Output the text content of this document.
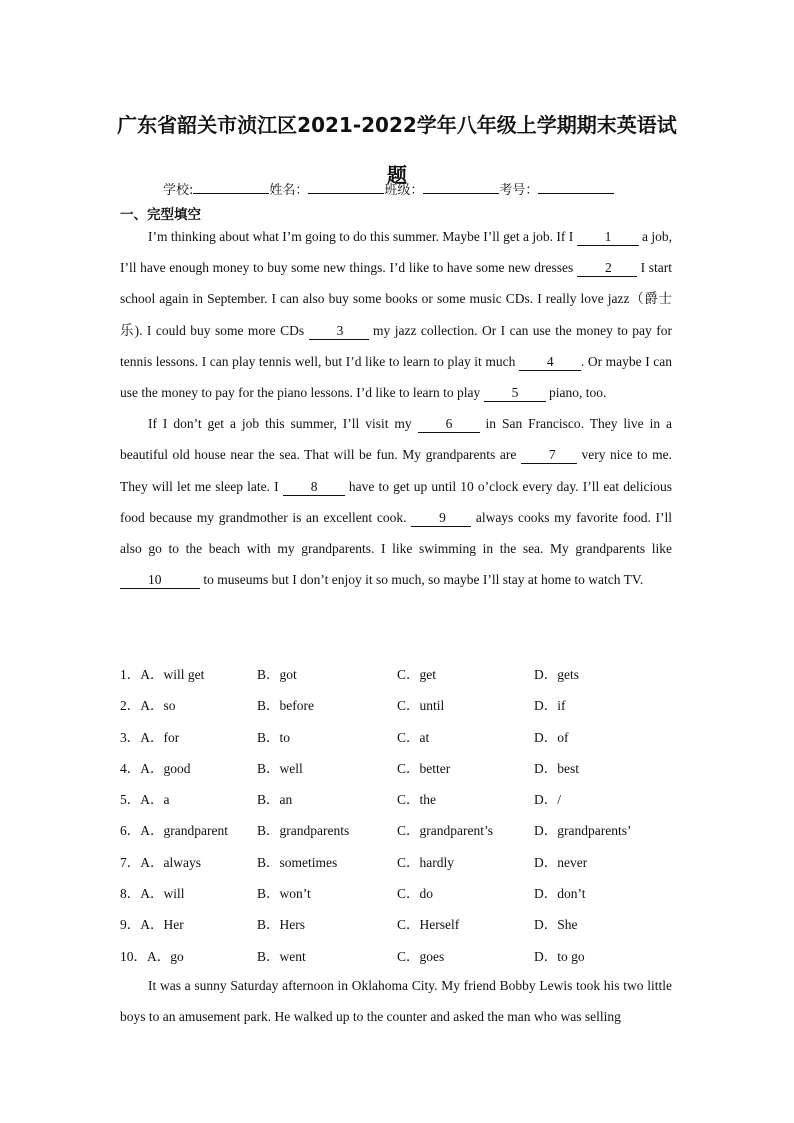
广东省韶关市浈江区2021-2022学年八年级上学期期末英语试
题
学校:	姓名：	班级：	考号：
一、完型填空

I’m thinking about what I’m going to do this summer. Maybe I’ll get a job. If I 1 a job, I’ll have enough money to buy some new things. I’d like to have some new dresses 2 I start school again in September. I can also buy some books or some music CDs. I really love jazz（爵士乐). I could buy some more CDs 3 my jazz collection. Or I can use the money to pay for tennis lessons. I can play tennis well, but I’d like to learn to play it much 4 . Or maybe I can use the money to pay for the piano lessons. I’d like to learn to play 5 piano, too.

If I don’t get a job this summer, I’ll visit my 6 in San Francisco. They live in a beautiful old house near the sea. That will be fun. My grandparents are 7 very nice to me. They will let me sleep late. I 8 have to get up until 10 o’clock every day. I’ll eat delicious food because my grandmother is an excellent cook. 9 always cooks my favorite food. I’ll also go to the beach with my grandparents. I like swimming in the sea. My grandparents like 10	to museums but I don’t enjoy it so much, so maybe I’ll stay at home to watch TV.

1．A．will get	B．got	C．get	D．gets
2．A．so	B．before	C．until	D．if
3．A．for	B．to	C．at	D．of
4．A．good	B．well	C．better	D．best
5．A．a	B．an	C．the	D．/
6．A．grandparent B．grandparents	C．grandparent’s	D．grandparents’
7．A．always	B．sometimes	C．hardly	D．never
8．A．will	B．won’t	C．do	D．don’t
9．A．Her	B．Hers	C．Herself	D．She
10．A．go	B．went	C．goes	D．to go

It was a sunny Saturday afternoon in Oklahoma City. My friend Bobby Lewis took his two little boys to an amusement park. He walked up to the counter and asked the man who was selling
